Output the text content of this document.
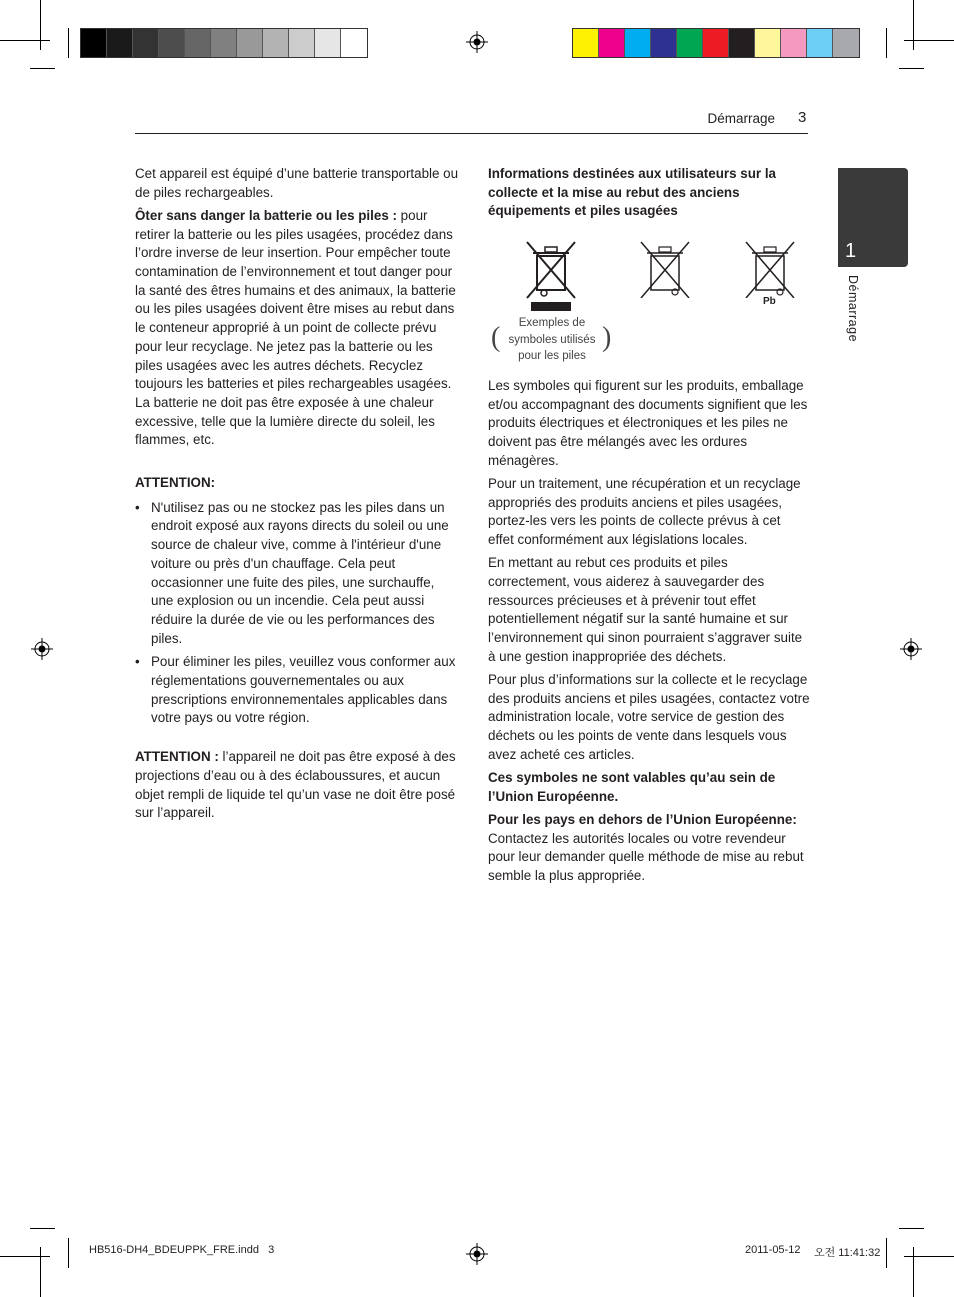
Démarrage 3
1
Démarrage

Cet appareil est équipé d’une batterie transportable ou de piles rechargeables.

Ôter sans danger la batterie ou les piles : pour retirer la batterie ou les piles usagées, procédez dans l’ordre inverse de leur insertion. Pour empêcher toute contamination de l’environnement et tout danger pour la santé des êtres humains et des animaux, la batterie ou les piles usagées doivent être mises au rebut dans le conteneur approprié à un point de collecte prévu pour leur recyclage. Ne jetez pas la batterie ou les piles usagées avec les autres déchets. Recyclez toujours les batteries et piles rechargeables usagées. La batterie ne doit pas être exposée à une chaleur excessive, telle que la lumière directe du soleil, les flammes, etc.

ATTENTION:

• N'utilisez pas ou ne stockez pas les piles dans un endroit exposé aux rayons directs du soleil ou une source de chaleur vive, comme à l'intérieur d'une voiture ou près d'un chauffage. Cela peut occasionner une fuite des piles, une surchauffe, une explosion ou un incendie. Cela peut aussi réduire la durée de vie ou les performances des piles.
• Pour éliminer les piles, veuillez vous conformer aux réglementations gouvernementales ou aux prescriptions environnementales applicables dans votre pays ou votre région.

ATTENTION : l’appareil ne doit pas être exposé à des projections d’eau ou à des éclaboussures, et aucun objet rempli de liquide tel qu’un vase ne doit être posé sur l’appareil.

Informations destinées aux utilisateurs sur la collecte et la mise au rebut des anciens équipements et piles usagées

Pb
(	Exemples de symboles utilisés pour les piles
)

Les symboles qui figurent sur les produits, emballage et/ou accompagnant des documents signifient que les produits électriques et électroniques et les piles ne doivent pas être mélangés avec les ordures ménagères.

Pour un traitement, une récupération et un recyclage appropriés des produits anciens et piles usagées, portez-les vers les points de collecte prévus à cet effet conformément aux législations locales.

En mettant au rebut ces produits et piles correctement, vous aiderez à sauvegarder des ressources précieuses et à prévenir tout effet potentiellement négatif sur la santé humaine et sur l’environnement qui sinon pourraient s’aggraver suite à une gestion inappropriée des déchets.

Pour plus d’informations sur la collecte et le recyclage des produits anciens et piles usagées, contactez votre administration locale, votre service de gestion des déchets ou les points de vente dans lesquels vous avez acheté ces articles.

Ces symboles ne sont valables qu’au sein de l’Union Européenne.

Pour les pays en dehors de l’Union Européenne:
Contactez les autorités locales ou votre revendeur pour leur demander quelle méthode de mise au rebut semble la plus appropriée.

HB516-DH4_BDEUPPK_FRE.indd   3	2011-05-12 오전 11:41:32
